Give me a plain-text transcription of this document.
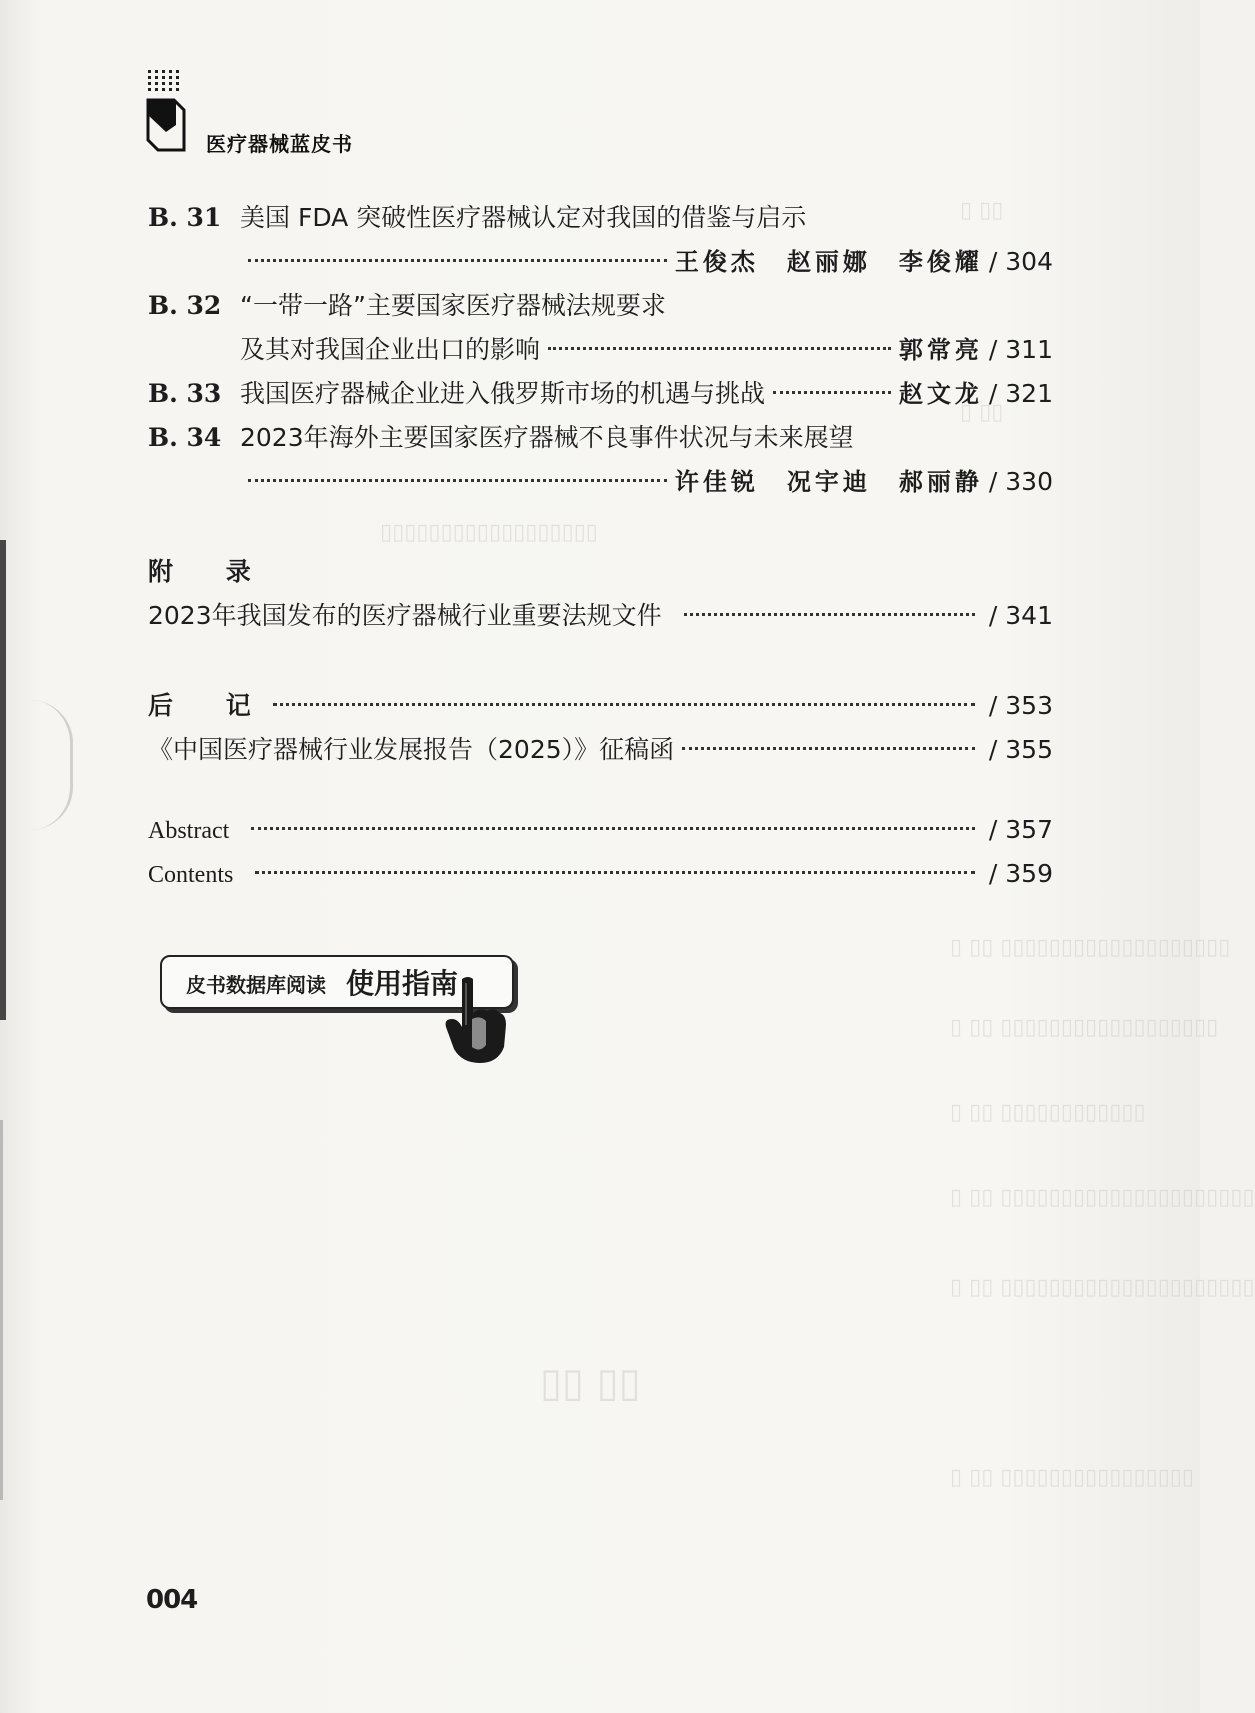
▯ ▯▯
▯ ▯▯
▯▯▯▯▯▯▯▯▯▯▯▯▯▯▯▯▯▯
▯ ▯▯ ▯▯▯▯▯▯▯▯▯▯▯▯▯▯▯▯▯▯▯
▯ ▯▯ ▯▯▯▯▯▯▯▯▯▯▯▯▯▯▯▯▯▯
▯ ▯▯ ▯▯▯▯▯▯▯▯▯▯▯▯
▯ ▯▯ ▯▯▯▯▯▯▯▯▯▯▯▯▯▯▯▯▯▯▯▯▯
▯ ▯▯ ▯▯▯▯▯▯▯▯▯▯▯▯▯▯▯▯▯▯▯▯▯
▯▯ ▯▯
▯ ▯▯ ▯▯▯▯▯▯▯▯▯▯▯▯▯▯▯▯
医疗器械蓝皮书
B. 31 美国 FDA 突破性医疗器械认定对我国的借鉴与启示
王俊杰　赵丽娜　李俊耀 / 304
B. 32 “一带一路”主要国家医疗器械法规要求
及其对我国企业出口的影响	郭常亮 / 311
B. 33 我国医疗器械企业进入俄罗斯市场的机遇与挑战	赵文龙 / 321
B. 34 2023年海外主要国家医疗器械不良事件状况与未来展望
许佳锐　况宇迪　郝丽静 / 330
附 录
2023年我国发布的医疗器械行业重要法规文件	/ 341
后 记	/ 353
《中国医疗器械行业发展报告（2025）》征稿函	/ 355
Abstract	/ 357
Contents	/ 359
皮书数据库阅读 使用指南
004
